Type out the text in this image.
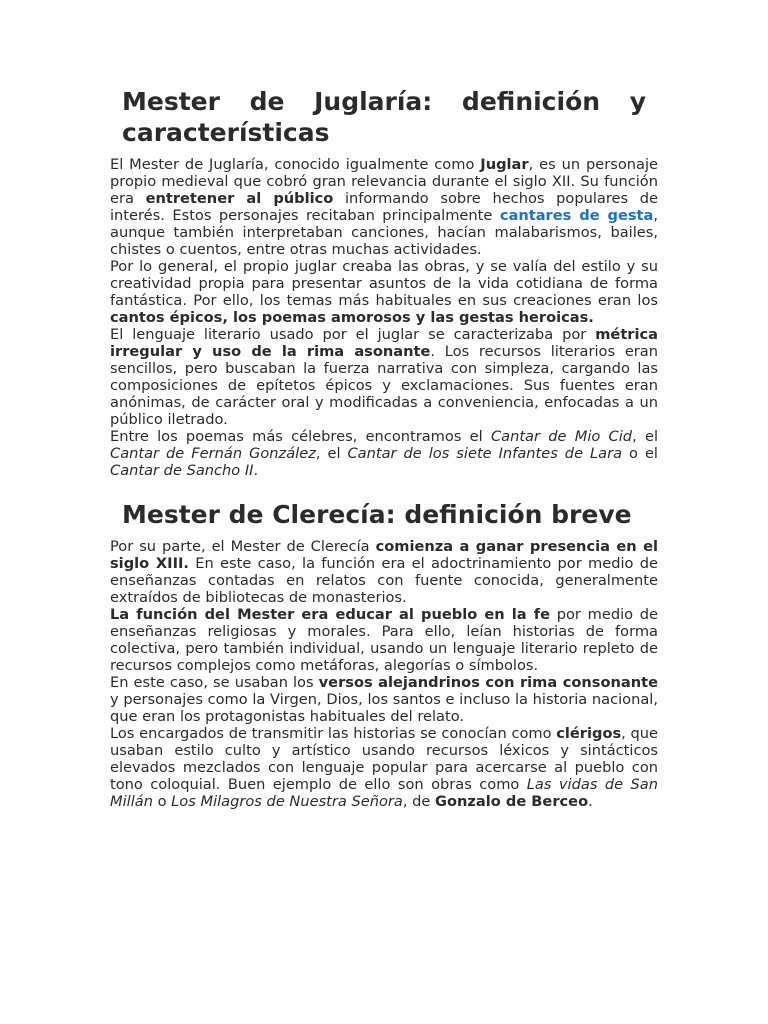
Mester de Juglaría: definición y características

El Mester de Juglaría, conocido igualmente como Juglar, es un personaje propio medieval que cobró gran relevancia durante el siglo XII. Su función era entretener al público informando sobre hechos populares de interés. Estos personajes recitaban principalmente cantares de gesta, aunque también interpretaban canciones, hacían malabarismos, bailes, chistes o cuentos, entre otras muchas actividades.

Por lo general, el propio juglar creaba las obras, y se valía del estilo y su creatividad propia para presentar asuntos de la vida cotidiana de forma fantástica. Por ello, los temas más habituales en sus creaciones eran los cantos épicos, los poemas amorosos y las gestas heroicas.

El lenguaje literario usado por el juglar se caracterizaba por métrica irregular y uso de la rima asonante. Los recursos literarios eran sencillos, pero buscaban la fuerza narrativa con simpleza, cargando las composiciones de epítetos épicos y exclamaciones. Sus fuentes eran anónimas, de carácter oral y modificadas a conveniencia, enfocadas a un público iletrado.

Entre los poemas más célebres, encontramos el Cantar de Mio Cid, el Cantar de Fernán González, el Cantar de los siete Infantes de Lara o el Cantar de Sancho II.

Mester de Clerecía: definición breve

Por su parte, el Mester de Clerecía comienza a ganar presencia en el siglo XIII. En este caso, la función era el adoctrinamiento por medio de enseñanzas contadas en relatos con fuente conocida, generalmente extraídos de bibliotecas de monasterios.

La función del Mester era educar al pueblo en la fe por medio de enseñanzas religiosas y morales. Para ello, leían historias de forma colectiva, pero también individual, usando un lenguaje literario repleto de recursos complejos como metáforas, alegorías o símbolos.

En este caso, se usaban los versos alejandrinos con rima consonante y personajes como la Virgen, Dios, los santos e incluso la historia nacional, que eran los protagonistas habituales del relato.

Los encargados de transmitir las historias se conocían como clérigos, que usaban estilo culto y artístico usando recursos léxicos y sintácticos elevados mezclados con lenguaje popular para acercarse al pueblo con tono coloquial. Buen ejemplo de ello son obras como Las vidas de San Millán o Los Milagros de Nuestra Señora, de Gonzalo de Berceo.
